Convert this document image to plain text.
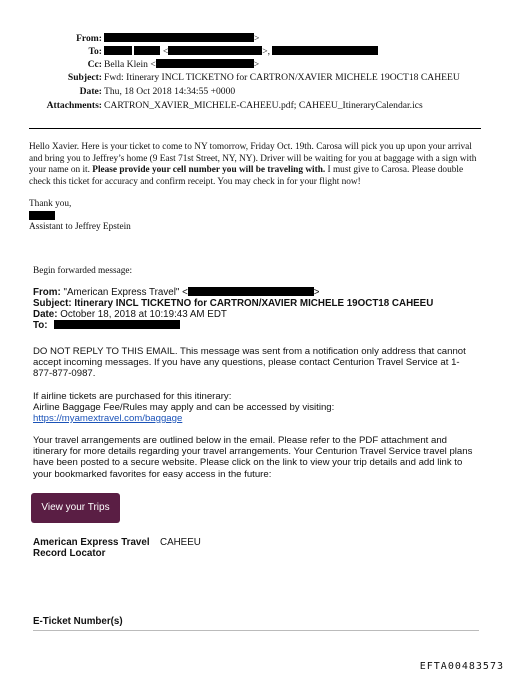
From:	>
To:	<	>,
Cc: Bella Klein <	>
Subject: Fwd: Itinerary INCL TICKETNO for CARTRON/XAVIER MICHELE 19OCT18 CAHEEU
Date: Thu, 18 Oct 2018 14:34:55 +0000
Attachments: CARTRON_XAVIER_MICHELE-CAHEEU.pdf; CAHEEU_ItineraryCalendar.ics
Hello Xavier. Here is your ticket to come to NY tomorrow, Friday Oct. 19th. Carosa will pick you up upon your arrival and bring you to Jeffrey’s home (9 East 71st Street, NY, NY). Driver will be waiting for you at baggage with a sign with your name on it. Please provide your cell number you will be traveling with. I must give to Carosa. Please double check this ticket for accuracy and confirm receipt. You may check in for your flight now!
Thank you,
Assistant to Jeffrey Epstein
Begin forwarded message:
From: "American Express Travel" <	>
Subject: Itinerary INCL TICKETNO for CARTRON/XAVIER MICHELE 19OCT18 CAHEEU
Date: October 18, 2018 at 10:19:43 AM EDT
To:
DO NOT REPLY TO THIS EMAIL. This message was sent from a notification only address that cannot accept incoming messages. If you have any questions, please contact Centurion Travel Service at 1-877-877-0987.
If airline tickets are purchased for this itinerary:
Airline Baggage Fee/Rules may apply and can be accessed by visiting:
https://myamextravel.com/baggage
Your travel arrangements are outlined below in the email. Please refer to the PDF attachment and itinerary for more details regarding your travel arrangements. Your Centurion Travel Service travel plans have been posted to a secure website. Please click on the link to view your trip details and add link to your bookmarked favorites for easy access in the future:
View your Trips
American Express Travel CAHEEU
Record Locator
E-Ticket Number(s)
EFTA00483573
